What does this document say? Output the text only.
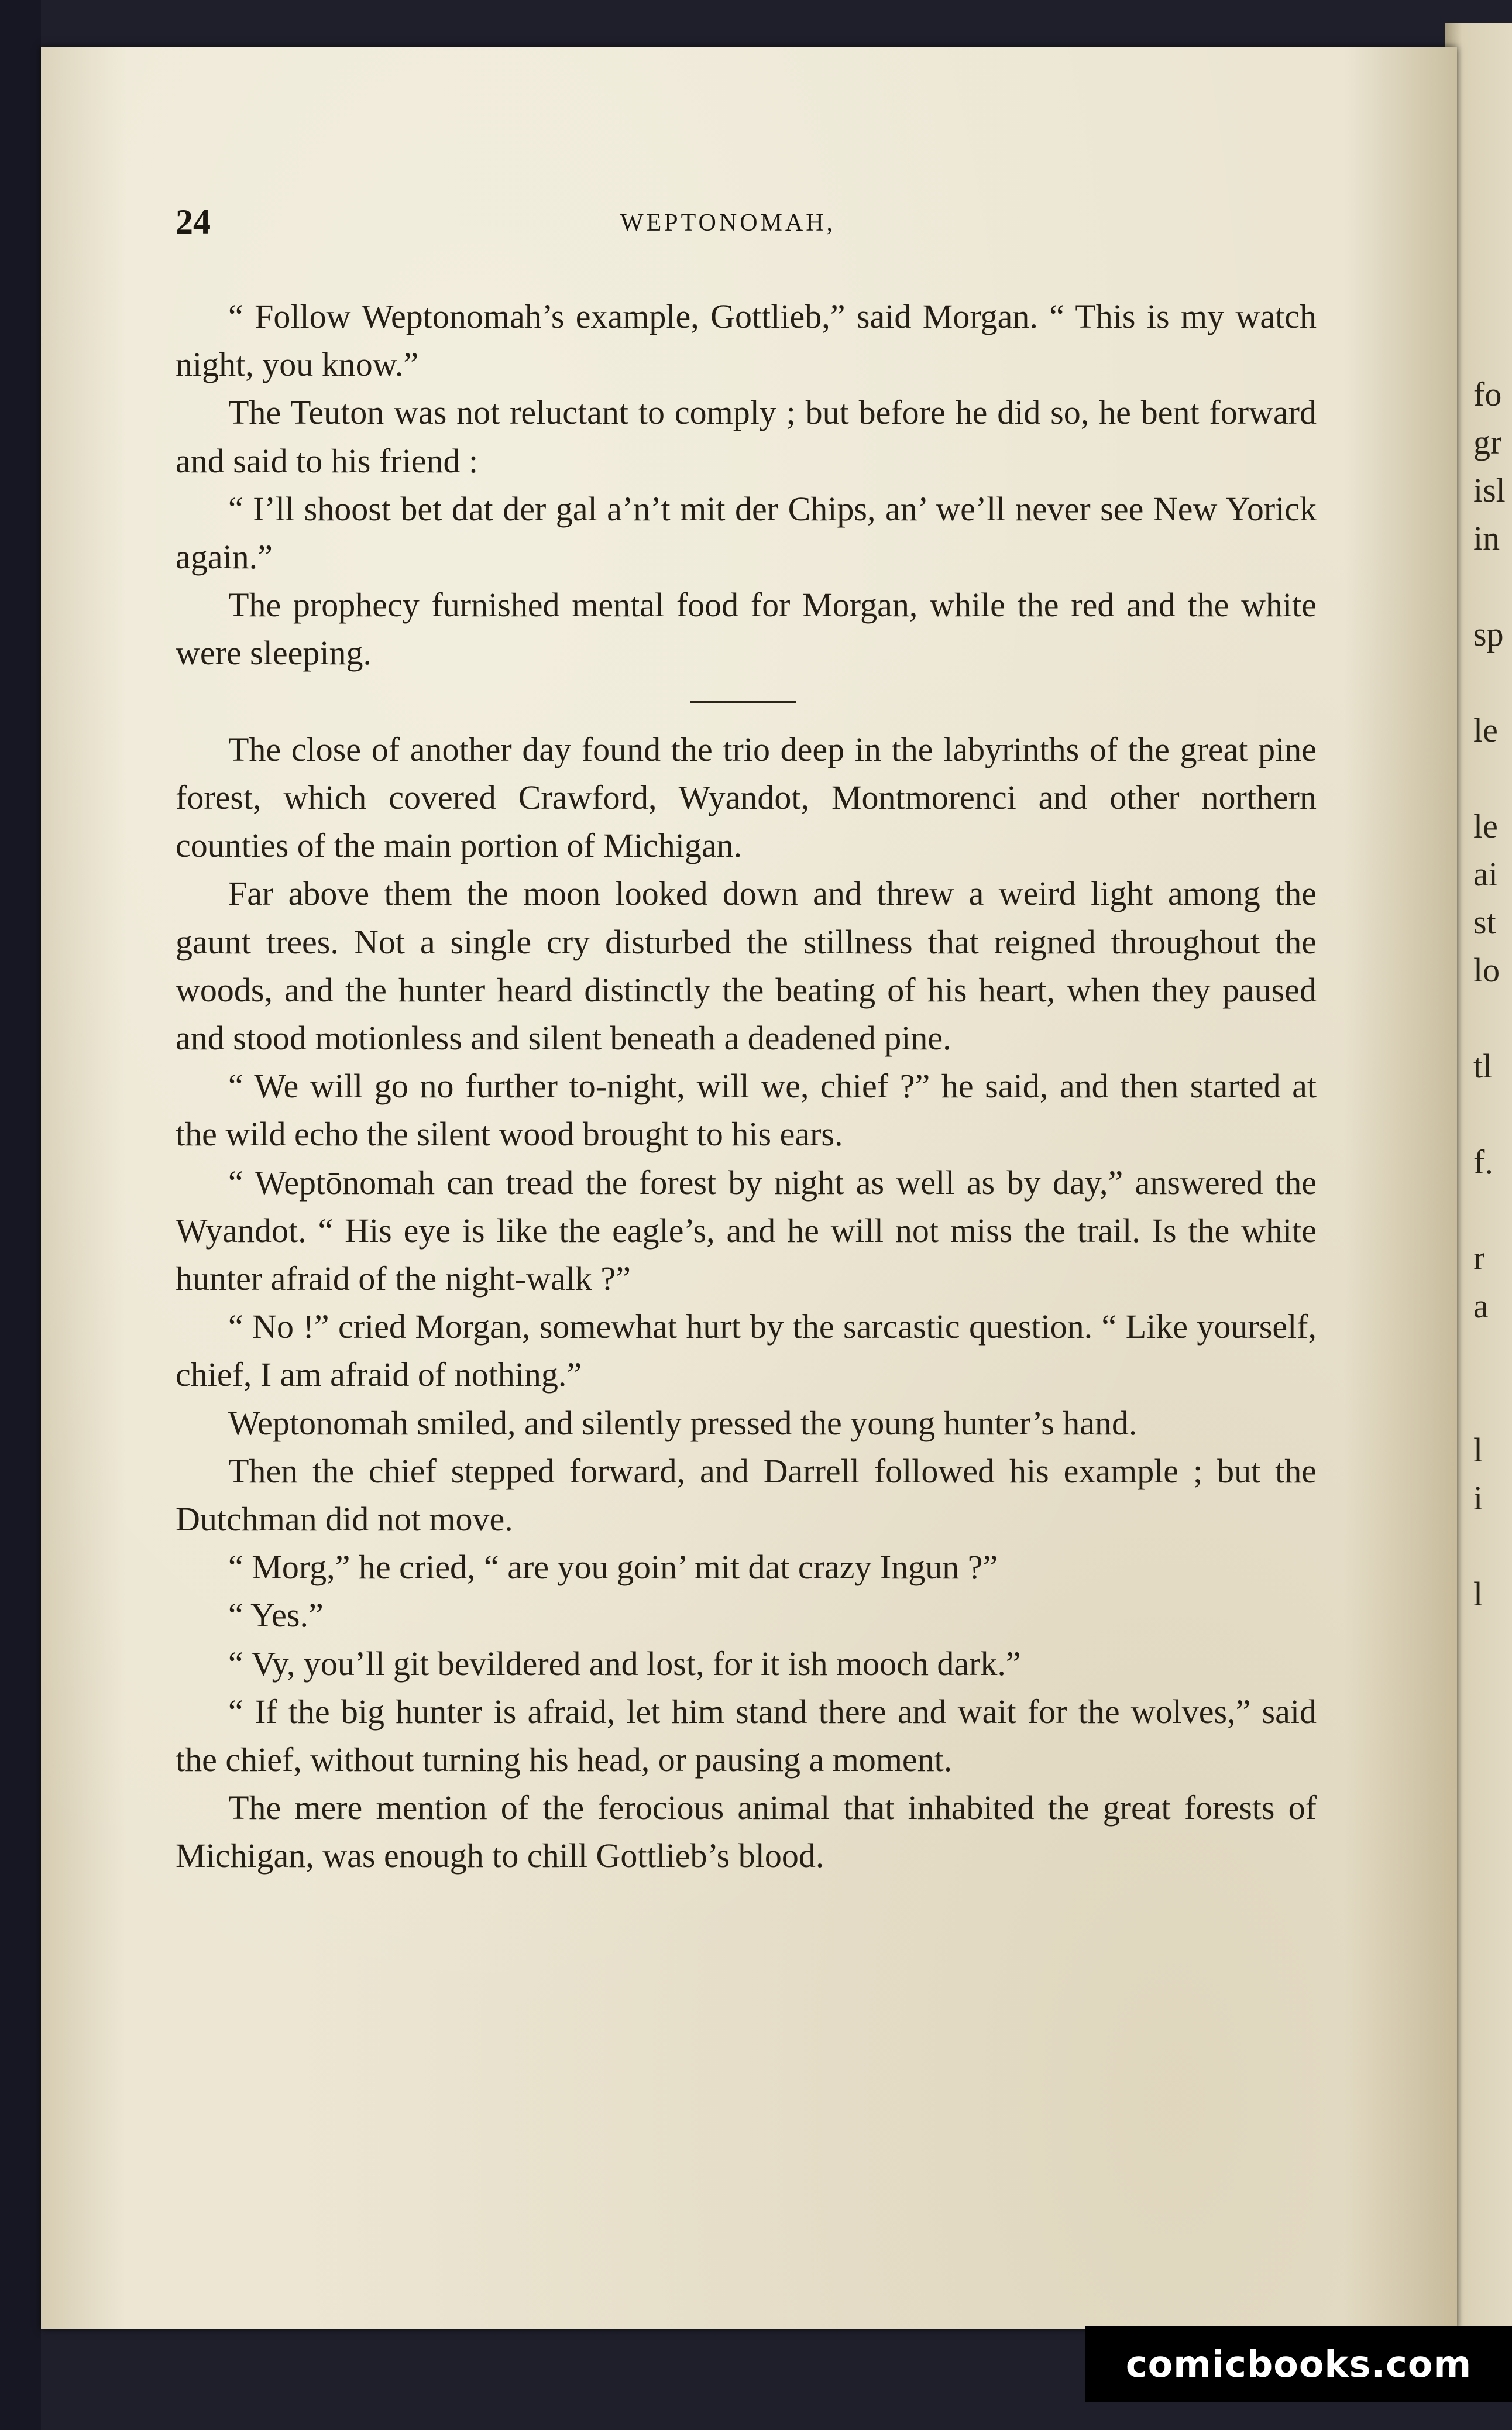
fo
gr
isl
in
sp
le
le
ai
st
lo
tl
f.
r
a
l
i
l
24	WEPTONOMAH,

“ Follow Weptonomah’s example, Gottlieb,” said Morgan. “ This is my watch night, you know.”

The Teuton was not reluctant to comply ; but before he did so, he bent forward and said to his friend :

“ I’ll shoost bet dat der gal a’n’t mit der Chips, an’ we’ll never see New Yorick again.”

The prophecy furnished mental food for Morgan, while the red and the white were sleeping.

The close of another day found the trio deep in the labyrinths of the great pine forest, which covered Crawford, Wyandot, Montmorenci and other northern counties of the main portion of Michigan.

Far above them the moon looked down and threw a weird light among the gaunt trees. Not a single cry disturbed the stillness that reigned throughout the woods, and the hunter heard distinctly the beating of his heart, when they paused and stood motionless and silent beneath a deadened pine.

“ We will go no further to-night, will we, chief ?” he said, and then started at the wild echo the silent wood brought to his ears.

“ Weptōnomah can tread the forest by night as well as by day,” answered the Wyandot. “ His eye is like the eagle’s, and he will not miss the trail. Is the white hunter afraid of the night-walk ?”

“ No !” cried Morgan, somewhat hurt by the sarcastic question. “ Like yourself, chief, I am afraid of nothing.”

Weptonomah smiled, and silently pressed the young hunter’s hand.

Then the chief stepped forward, and Darrell followed his example ; but the Dutchman did not move.

“ Morg,” he cried, “ are you goin’ mit dat crazy Ingun ?”

“ Yes.”

“ Vy, you’ll git bevildered and lost, for it ish mooch dark.”

“ If the big hunter is afraid, let him stand there and wait for the wolves,” said the chief, without turning his head, or pausing a moment.

The mere mention of the ferocious animal that inhabited the great forests of Michigan, was enough to chill Gottlieb’s blood.

comicbooks.com
